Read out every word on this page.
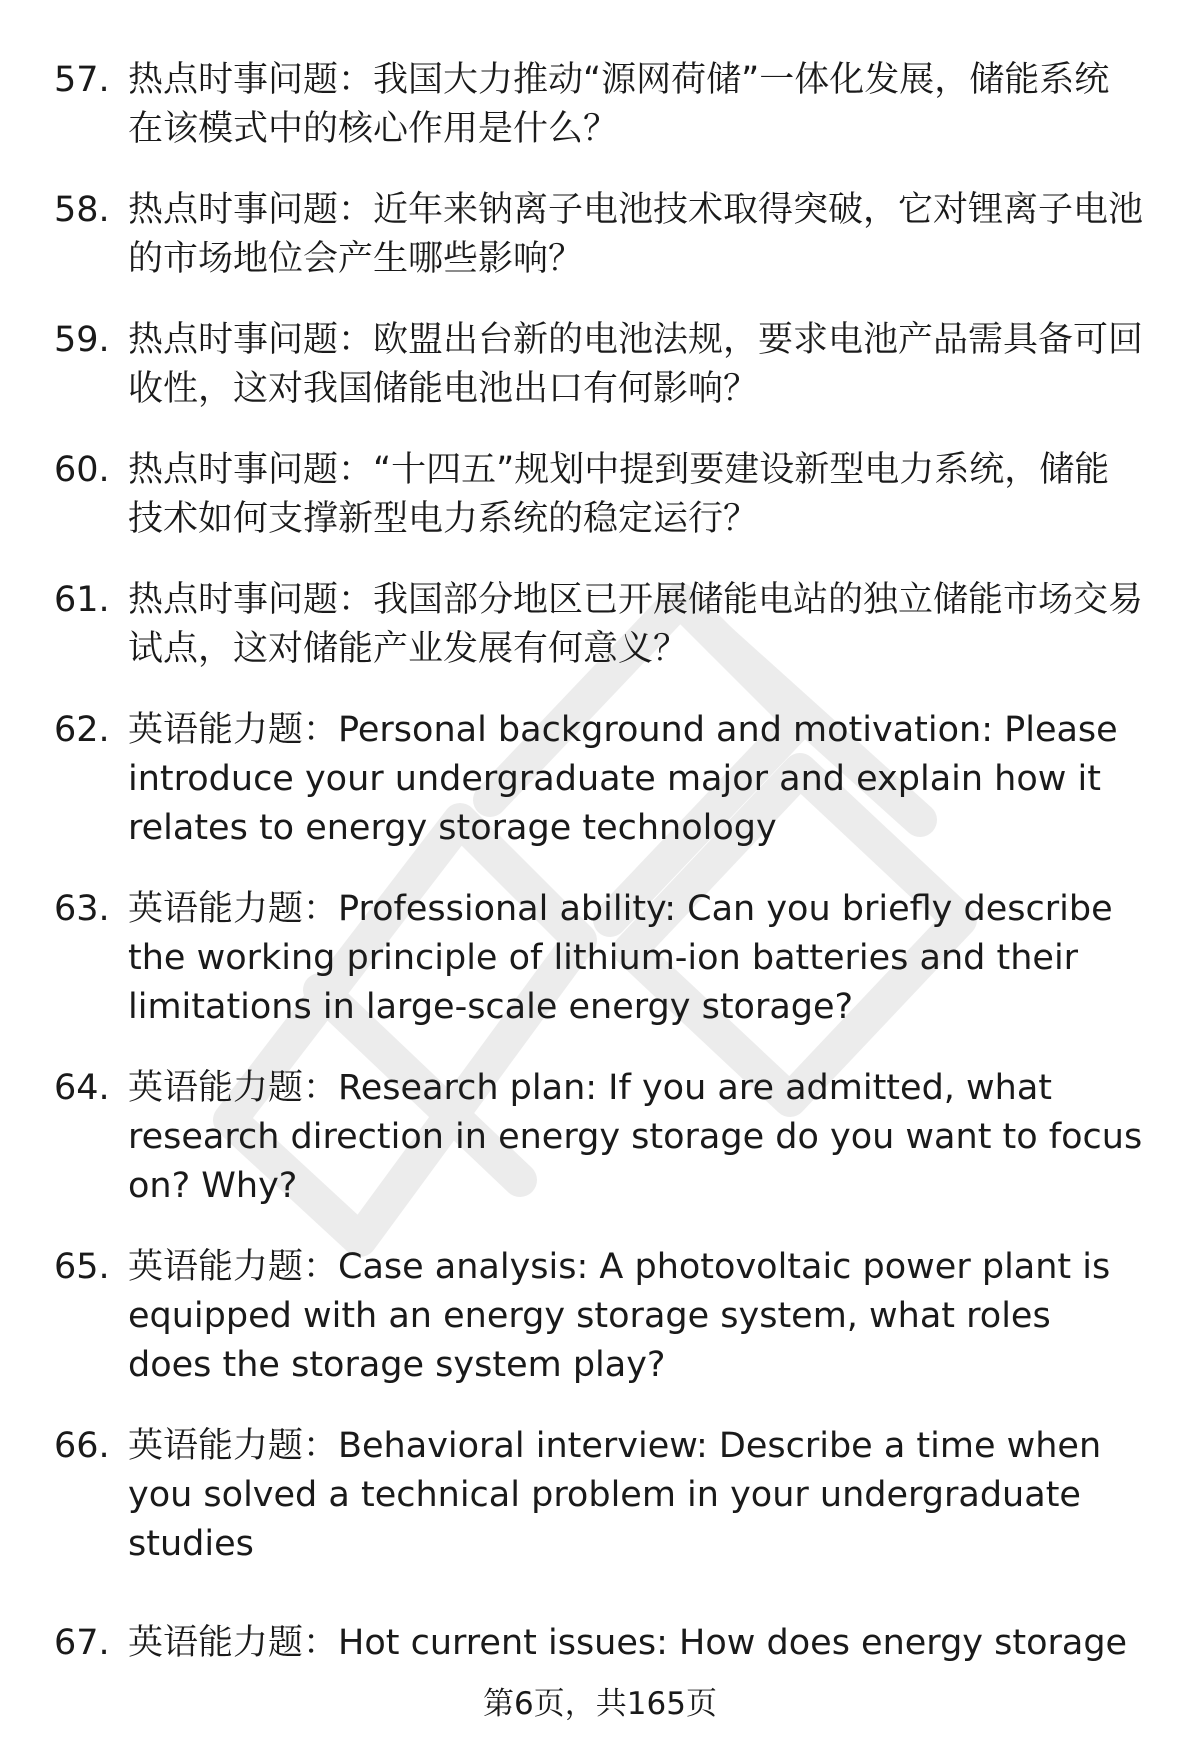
57. 热点时事问题：我国大力推动“源网荷储”一体化发展，储能系统在该模式中的核心作用是什么？
58. 热点时事问题：近年来钠离子电池技术取得突破，它对锂离子电池的市场地位会产生哪些影响？
59. 热点时事问题：欧盟出台新的电池法规，要求电池产品需具备可回收性，这对我国储能电池出口有何影响？
60. 热点时事问题：“十四五”规划中提到要建设新型电力系统，储能技术如何支撑新型电力系统的稳定运行？
61. 热点时事问题：我国部分地区已开展储能电站的独立储能市场交易试点，这对储能产业发展有何意义？
62. 英语能力题：Personal background and motivation: Please introduce your undergraduate major and explain how it relates to energy storage technology
63. 英语能力题：Professional ability: Can you briefly describe the working principle of lithium-ion batteries and their limitations in large-scale energy storage?
64. 英语能力题：Research plan: If you are admitted, what research direction in energy storage do you want to focus on? Why?
65. 英语能力题：Case analysis: A photovoltaic power plant is equipped with an energy storage system, what roles does the storage system play?
66. 英语能力题：Behavioral interview: Describe a time when you solved a technical problem in your undergraduate studies
67. 英语能力题：Hot current issues: How does energy storage
第6页，共165页
